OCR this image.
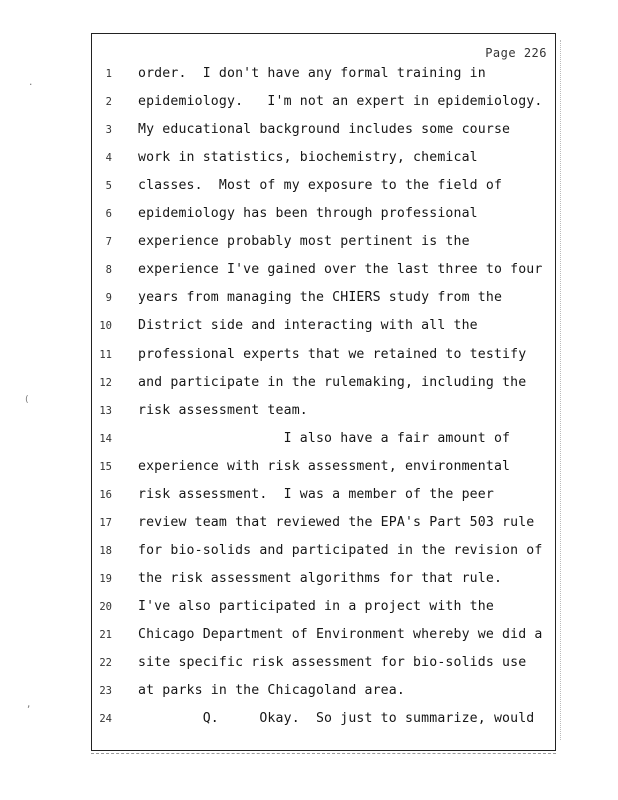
.
(
,
Page 226
1 order.  I don't have any formal training in
2 epidemiology.   I'm not an expert in epidemiology.
3 My educational background includes some course
4 work in statistics, biochemistry, chemical
5 classes.  Most of my exposure to the field of
6 epidemiology has been through professional
7 experience probably most pertinent is the
8 experience I've gained over the last three to four
9 years from managing the CHIERS study from the
10 District side and interacting with all the
11 professional experts that we retained to testify
12 and participate in the rulemaking, including the
13 risk assessment team.
14 I also have a fair amount of
15 experience with risk assessment, environmental
16 risk assessment.  I was a member of the peer
17 review team that reviewed the EPA's Part 503 rule
18 for bio-solids and participated in the revision of
19 the risk assessment algorithms for that rule.
20 I've also participated in a project with the
21 Chicago Department of Environment whereby we did a
22 site specific risk assessment for bio-solids use
23 at parks in the Chicagoland area.
24 Q.     Okay.  So just to summarize, would
